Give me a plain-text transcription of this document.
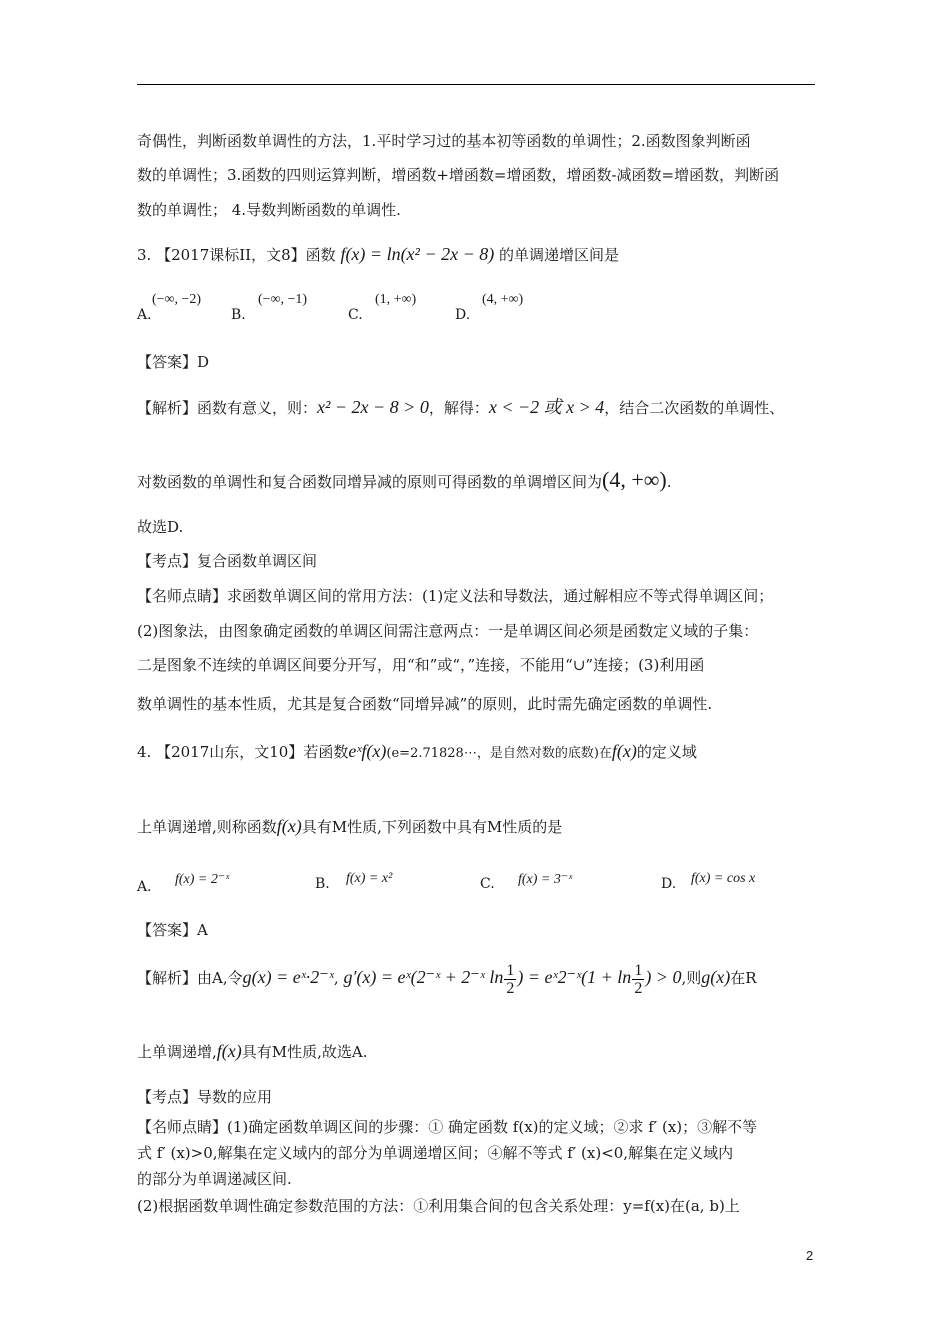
奇偶性，判断函数单调性的方法，1.平时学习过的基本初等函数的单调性；2.函数图象判断函
数的单调性；3.函数的四则运算判断，增函数+增函数=增函数，增函数-减函数=增函数，判断函
数的单调性； 4.导数判断函数的单调性.
3. 【2017课标II，文8】函数 f(x) = ln(x² − 2x − 8) 的单调递增区间是
A.
(−∞, −2)
B.
(−∞, −1)
C.
(1, +∞)
D.
(4, +∞)
【答案】D
【解析】函数有意义，则：x² − 2x − 8 > 0，解得：x < −2 或 x > 4，结合二次函数的单调性、
对数函数的单调性和复合函数同增异减的原则可得函数的单调增区间为(4, +∞).
故选D.
【考点】复合函数单调区间
【名师点睛】求函数单调区间的常用方法：(1)定义法和导数法，通过解相应不等式得单调区间；
(2)图象法，由图象确定函数的单调区间需注意两点：一是单调区间必须是函数定义域的子集：
二是图象不连续的单调区间要分开写，用“和”或“，”连接，不能用“∪”连接；(3)利用函
数单调性的基本性质，尤其是复合函数“同增异减”的原则，此时需先确定函数的单调性.
4. 【2017山东，文10】若函数eˣf(x)(e=2.71828⋯，是自然对数的底数)在f(x)的定义域
上单调递增,则称函数f(x)具有M性质,下列函数中具有M性质的是
A． f(x) = 2⁻ˣ	B. f(x) = x²	C. f(x) = 3⁻ˣ	D. f(x) = cos x
【答案】A
【解析】由A,令g(x) = eˣ·2⁻ˣ, g′(x) = eˣ(2⁻ˣ + 2⁻ˣ $\ln \frac{1}{2}$ ) = eˣ2⁻ˣ(1 + $\ln \frac{1}{2}$ ) > 0,则g(x)在R
上单调递增,f(x)具有M性质,故选A.
【考点】导数的应用
【名师点睛】(1)确定函数单调区间的步骤：① 确定函数 f(x)的定义域；②求 f′ (x)；③解不等
式 f′ (x)>0,解集在定义域内的部分为单调递增区间；④解不等式 f′ (x)<0,解集在定义域内
的部分为单调递减区间.
(2)根据函数单调性确定参数范围的方法：①利用集合间的包含关系处理：y=f(x)在(a, b)上
2
